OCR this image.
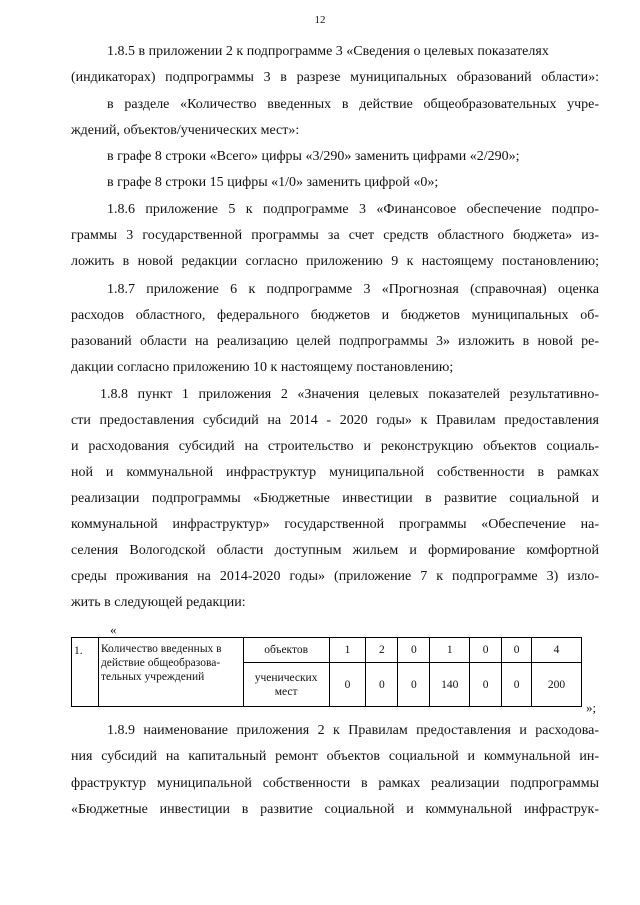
12
1.8.5 в приложении 2 к подпрограмме 3 «Сведения о целевых показателях
(индикаторах) подпрограммы 3 в разрезе муниципальных образований области»:
в разделе «Количество введенных в действие общеобразовательных учре-
ждений, объектов/ученических мест»:
в графе 8 строки «Всего» цифры «3/290» заменить цифрами «2/290»;
в графе 8 строки 15 цифры «1/0» заменить цифрой «0»;
1.8.6 приложение 5 к подпрограмме 3 «Финансовое обеспечение подпро-
граммы 3 государственной программы за счет средств областного бюджета» из-
ложить в новой редакции согласно приложению 9 к настоящему постановлению;
1.8.7 приложение 6 к подпрограмме 3 «Прогнозная (справочная) оценка
расходов областного, федерального бюджетов и бюджетов муниципальных об-
разований области на реализацию целей подпрограммы 3» изложить в новой ре-
дакции согласно приложению 10 к настоящему постановлению;
1.8.8 пункт 1 приложения 2 «Значения целевых показателей результативно-
сти предоставления субсидий на 2014 - 2020 годы» к Правилам предоставления
и расходования субсидий на строительство и реконструкцию объектов социаль-
ной и коммунальной инфраструктур муниципальной собственности в рамках
реализации подпрограммы «Бюджетные инвестиции в развитие социальной и
коммунальной инфраструктур» государственной программы «Обеспечение на-
селения Вологодской области доступным жильем и формирование комфортной
среды проживания на 2014-2020 годы» (приложение 7 к подпрограмме 3) изло-
жить в следующей редакции:
«
1.	Количество введенных в
действие общеобразова-
тельных учреждений	объектов	1	2	0	1	0	0	4

		ученических
мест	0	0	0	140	0	0	200
»;
1.8.9 наименование приложения 2 к Правилам предоставления и расходова-
ния субсидий на капитальный ремонт объектов социальной и коммунальной ин-
фраструктур муниципальной собственности в рамках реализации подпрограммы
«Бюджетные инвестиции в развитие социальной и коммунальной инфраструк-
